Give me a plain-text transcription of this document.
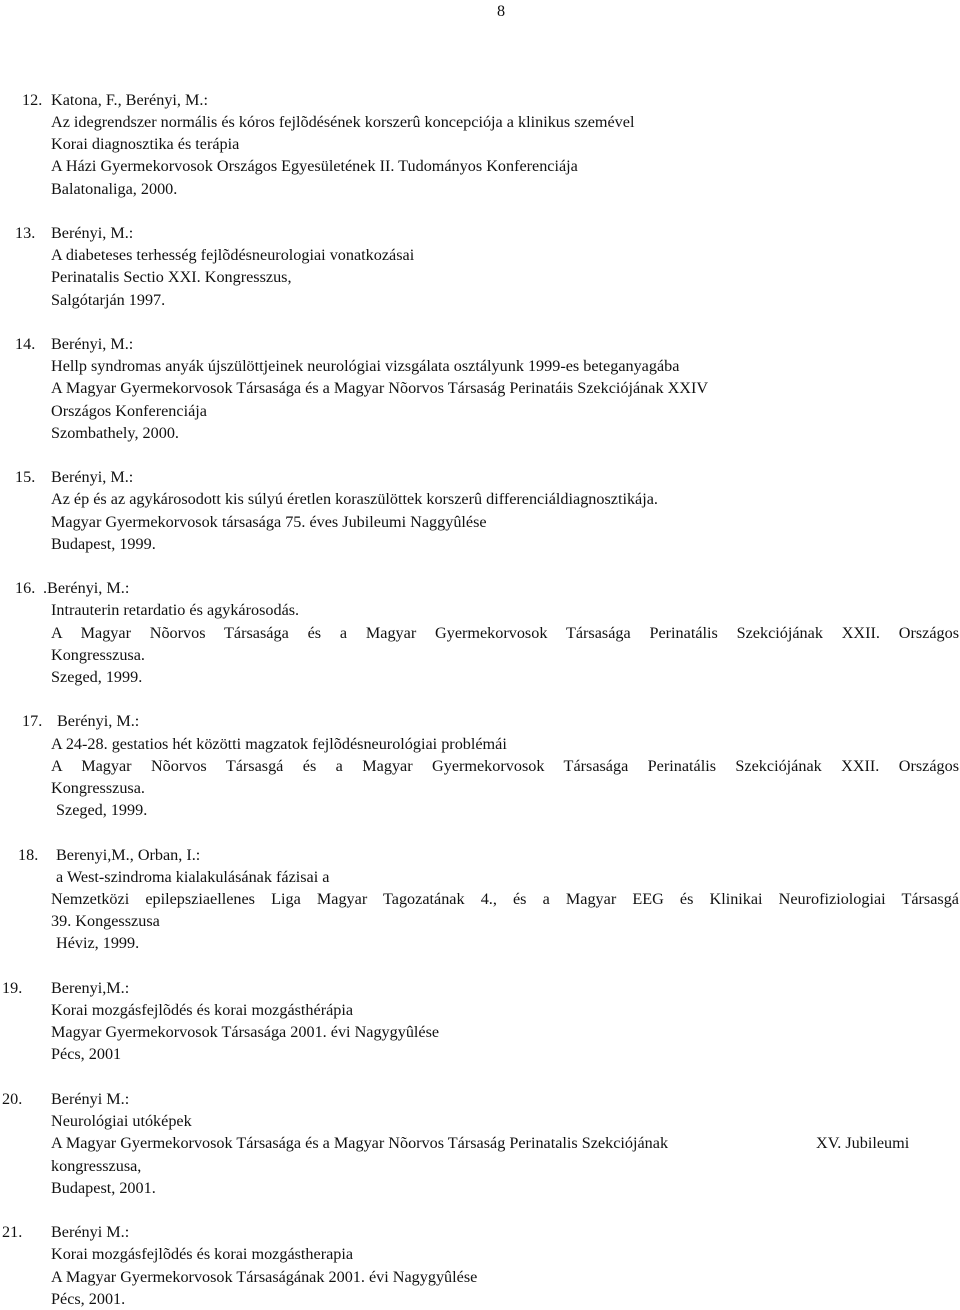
8
12. Katona, F., Berényi, M.:
Az idegrendszer normális és kóros fejlõdésének korszerû koncepciója a klinikus szemével
Korai diagnosztika és terápia
A Házi Gyermekorvosok Országos Egyesületének II. Tudományos Konferenciája
Balatonaliga, 2000.
13. Berényi, M.:
A diabeteses terhesség fejlõdésneurologiai vonatkozásai
Perinatalis Sectio XXI. Kongresszus,
Salgótarján 1997.
14. Berényi, M.:
Hellp syndromas anyák újszülöttjeinek neurológiai vizsgálata osztályunk 1999-es beteganyagába
A Magyar Gyermekorvosok Társasága és a Magyar Nõorvos Társaság Perinatáis Szekciójának XXIV
Országos Konferenciája
Szombathely, 2000.
15. Berényi, M.:
Az ép és az agykárosodott kis súlyú éretlen koraszülöttek korszerû differenciáldiagnosztikája.
Magyar Gyermekorvosok társasága 75. éves Jubileumi Naggyûlése
Budapest, 1999.
16. .Berényi, M.:
Intrauterin retardatio és agykárosodás.
A Magyar Nõorvos Társasága és a Magyar Gyermekorvosok Társasága Perinatális Szekciójának XXII. Országos
Kongresszusa.
Szeged, 1999.
17. Berényi, M.:
A 24-28. gestatios hét közötti magzatok fejlõdésneurológiai problémái
A Magyar Nõorvos Társasgá és a Magyar Gyermekorvosok Társasága Perinatális Szekciójának XXII. Országos
Kongresszusa.
Szeged, 1999.
18. Berenyi,M., Orban, I.:
a West-szindroma kialakulásának fázisai a
Nemzetközi epilepsziaellenes Liga Magyar Tagozatának 4., és a Magyar EEG és Klinikai Neurofiziologiai Társasgá
39. Kongesszusa
Héviz, 1999.
19. Berenyi,M.:
Korai mozgásfejlõdés és korai mozgásthérápia
Magyar Gyermekorvosok Társasága 2001. évi Nagygyûlése
Pécs, 2001
20. Berényi M.:
Neurológiai utóképek
A Magyar Gyermekorvosok Társasága és a Magyar Nõorvos Társaság Perinatalis Szekciójának	XV. Jubileumi
kongresszusa,
Budapest, 2001.
21. Berényi M.:
Korai mozgásfejlõdés és korai mozgástherapia
A Magyar Gyermekorvosok Társaságának 2001. évi Nagygyûlése
Pécs, 2001.
